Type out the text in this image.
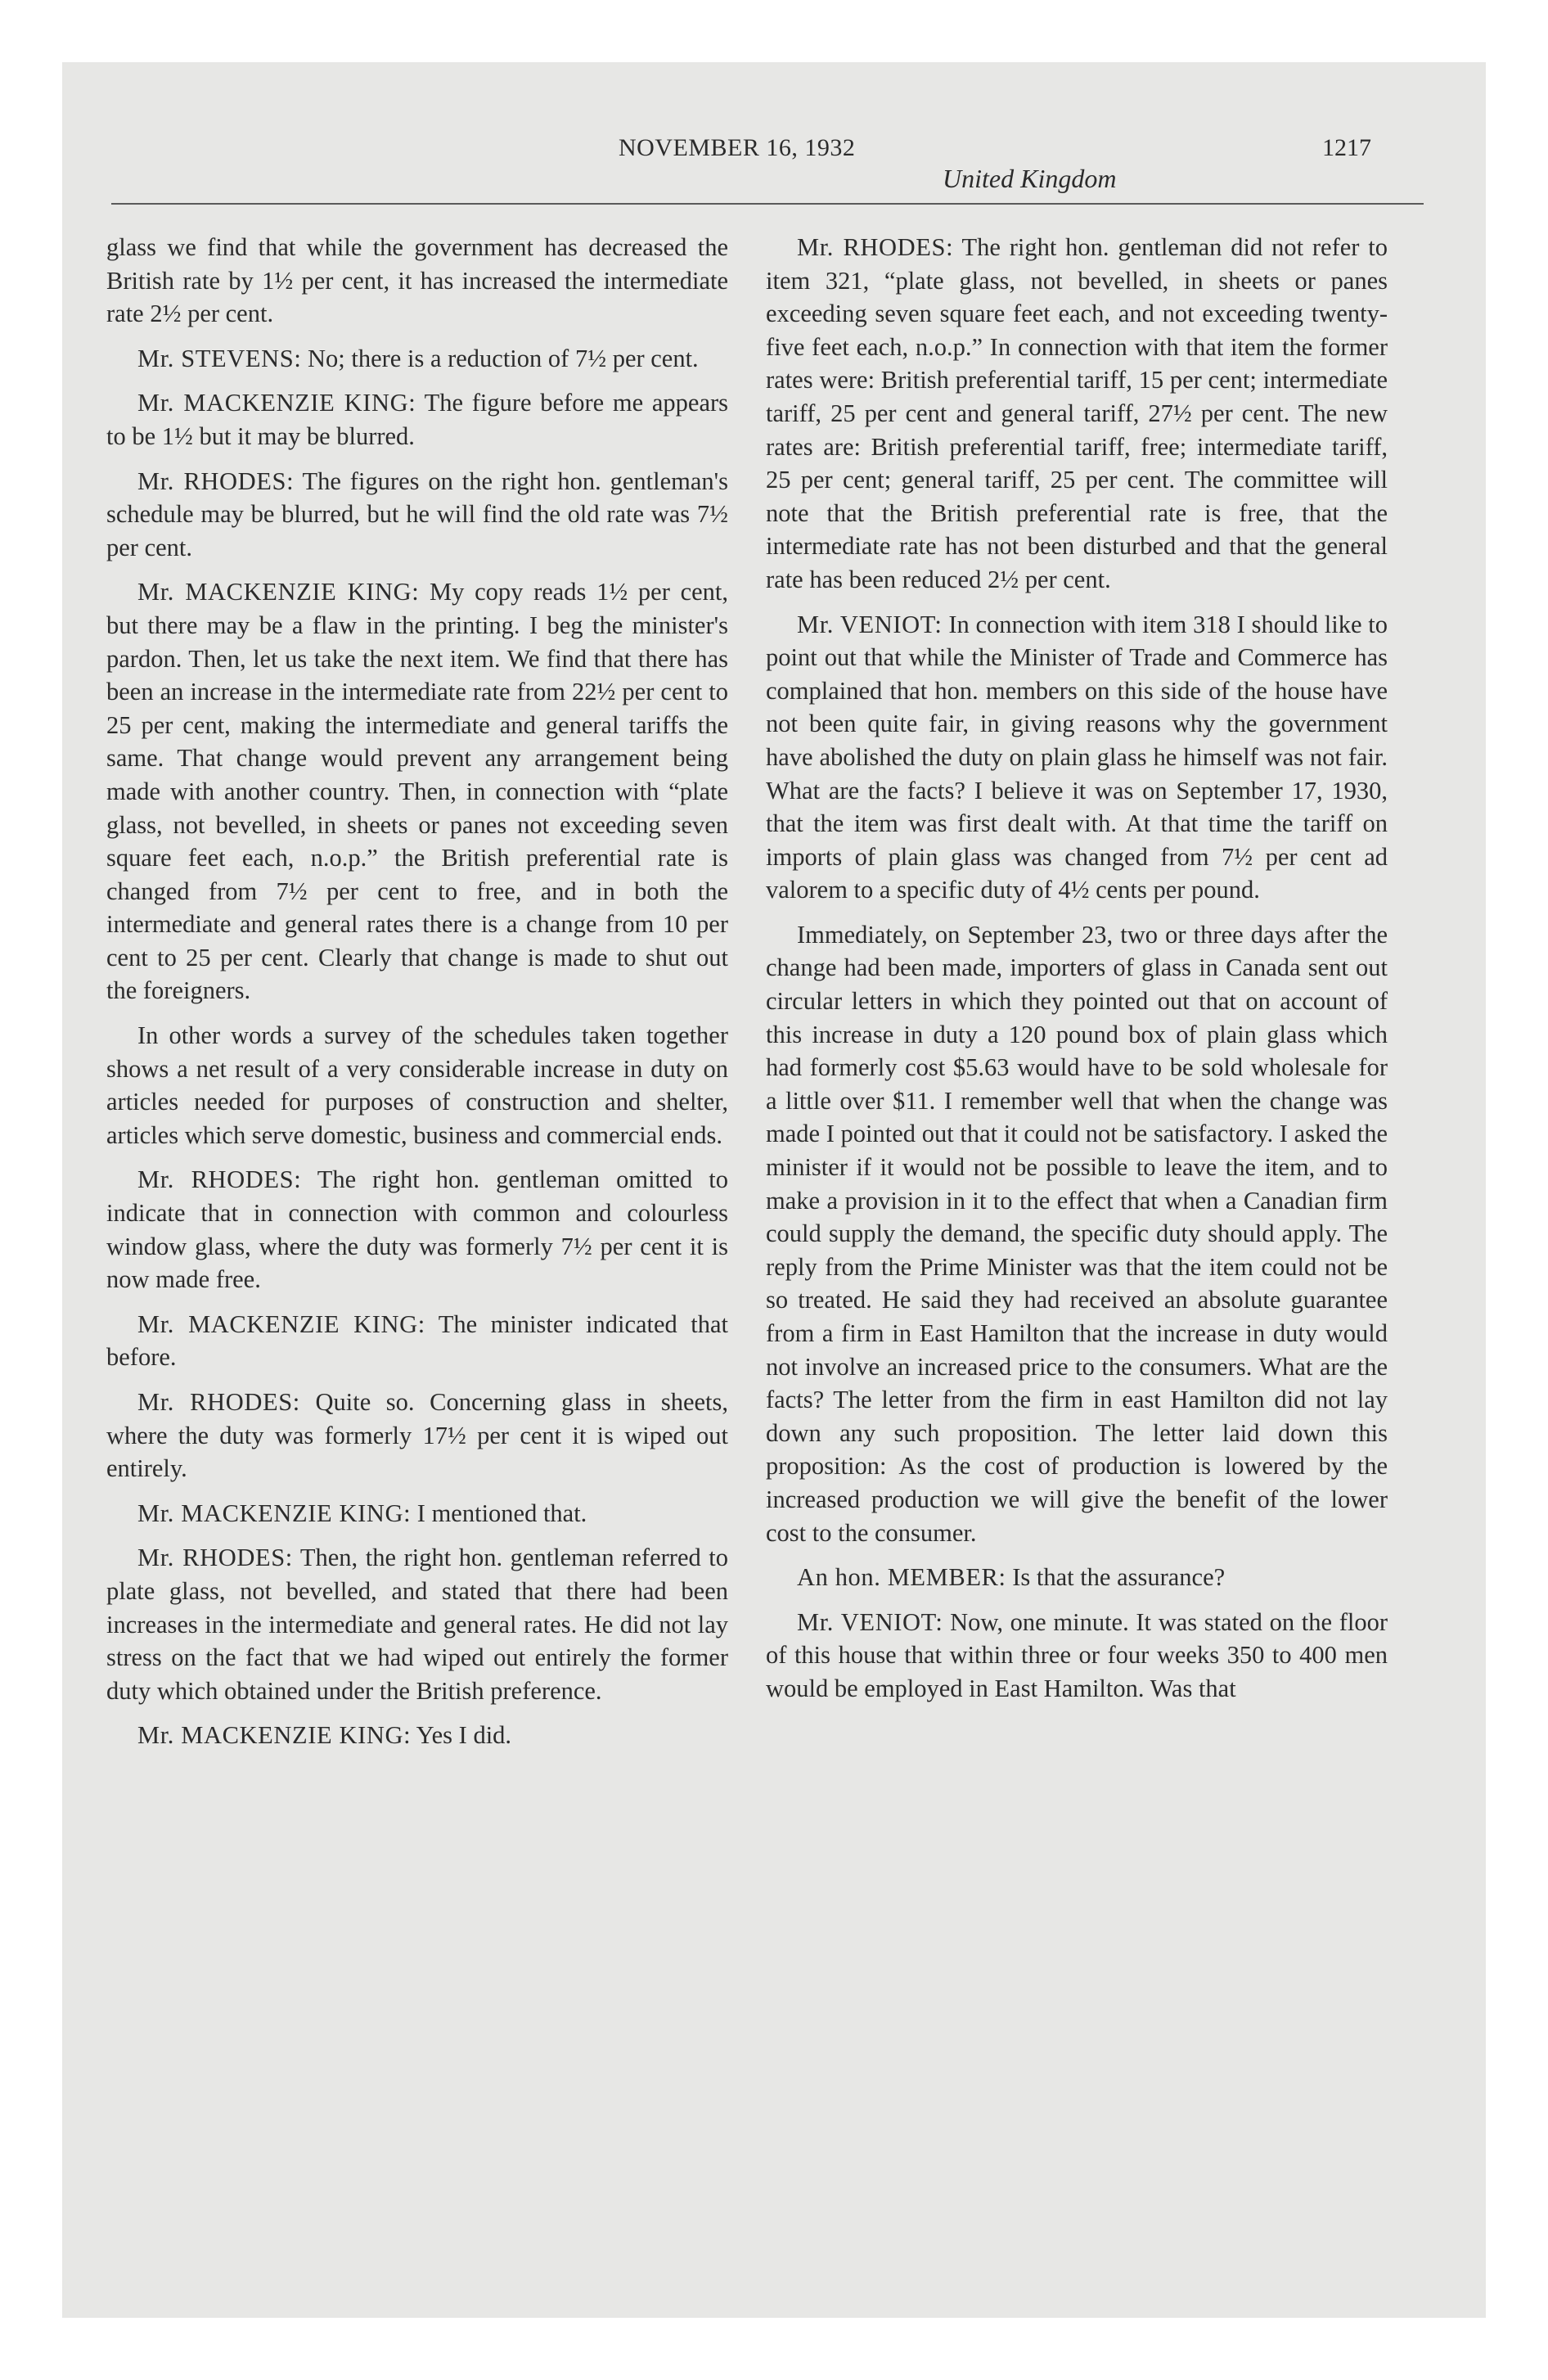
NOVEMBER 16, 1932
United Kingdom
1217

glass we find that while the government has decreased the British rate by 1½ per cent, it has increased the intermediate rate 2½ per cent.

Mr. STEVENS: No; there is a reduction of 7½ per cent.

Mr. MACKENZIE KING: The figure before me appears to be 1½ but it may be blurred.

Mr. RHODES: The figures on the right hon. gentleman's schedule may be blurred, but he will find the old rate was 7½ per cent.

Mr. MACKENZIE KING: My copy reads 1½ per cent, but there may be a flaw in the printing. I beg the minister's pardon. Then, let us take the next item. We find that there has been an increase in the intermediate rate from 22½ per cent to 25 per cent, making the intermediate and general tariffs the same. That change would prevent any arrangement being made with another country. Then, in connection with “plate glass, not bevelled, in sheets or panes not exceeding seven square feet each, n.o.p.” the British preferential rate is changed from 7½ per cent to free, and in both the intermediate and general rates there is a change from 10 per cent to 25 per cent. Clearly that change is made to shut out the foreigners.

In other words a survey of the schedules taken together shows a net result of a very considerable increase in duty on articles needed for purposes of construction and shelter, articles which serve domestic, business and commercial ends.

Mr. RHODES: The right hon. gentleman omitted to indicate that in connection with common and colourless window glass, where the duty was formerly 7½ per cent it is now made free.

Mr. MACKENZIE KING: The minister indicated that before.

Mr. RHODES: Quite so. Concerning glass in sheets, where the duty was formerly 17½ per cent it is wiped out entirely.

Mr. MACKENZIE KING: I mentioned that.

Mr. RHODES: Then, the right hon. gentleman referred to plate glass, not bevelled, and stated that there had been increases in the intermediate and general rates. He did not lay stress on the fact that we had wiped out entirely the former duty which obtained under the British preference.

Mr. MACKENZIE KING: Yes I did.

Mr. RHODES: The right hon. gentleman did not refer to item 321, “plate glass, not bevelled, in sheets or panes exceeding seven square feet each, and not exceeding twenty-five feet each, n.o.p.” In connection with that item the former rates were: British preferential tariff, 15 per cent; intermediate tariff, 25 per cent and general tariff, 27½ per cent. The new rates are: British preferential tariff, free; intermediate tariff, 25 per cent; general tariff, 25 per cent. The committee will note that the British preferential rate is free, that the intermediate rate has not been disturbed and that the general rate has been reduced 2½ per cent.

Mr. VENIOT: In connection with item 318 I should like to point out that while the Minister of Trade and Commerce has complained that hon. members on this side of the house have not been quite fair, in giving reasons why the government have abolished the duty on plain glass he himself was not fair. What are the facts? I believe it was on September 17, 1930, that the item was first dealt with. At that time the tariff on imports of plain glass was changed from 7½ per cent ad valorem to a specific duty of 4½ cents per pound.

Immediately, on September 23, two or three days after the change had been made, importers of glass in Canada sent out circular letters in which they pointed out that on account of this increase in duty a 120 pound box of plain glass which had formerly cost $5.63 would have to be sold wholesale for a little over $11. I remember well that when the change was made I pointed out that it could not be satisfactory. I asked the minister if it would not be possible to leave the item, and to make a provision in it to the effect that when a Canadian firm could supply the demand, the specific duty should apply. The reply from the Prime Minister was that the item could not be so treated. He said they had received an absolute guarantee from a firm in East Hamilton that the increase in duty would not involve an increased price to the consumers. What are the facts? The letter from the firm in east Hamilton did not lay down any such proposition. The letter laid down this proposition: As the cost of production is lowered by the increased production we will give the benefit of the lower cost to the consumer.

An hon. MEMBER: Is that the assurance?

Mr. VENIOT: Now, one minute. It was stated on the floor of this house that within three or four weeks 350 to 400 men would be employed in East Hamilton. Was that
